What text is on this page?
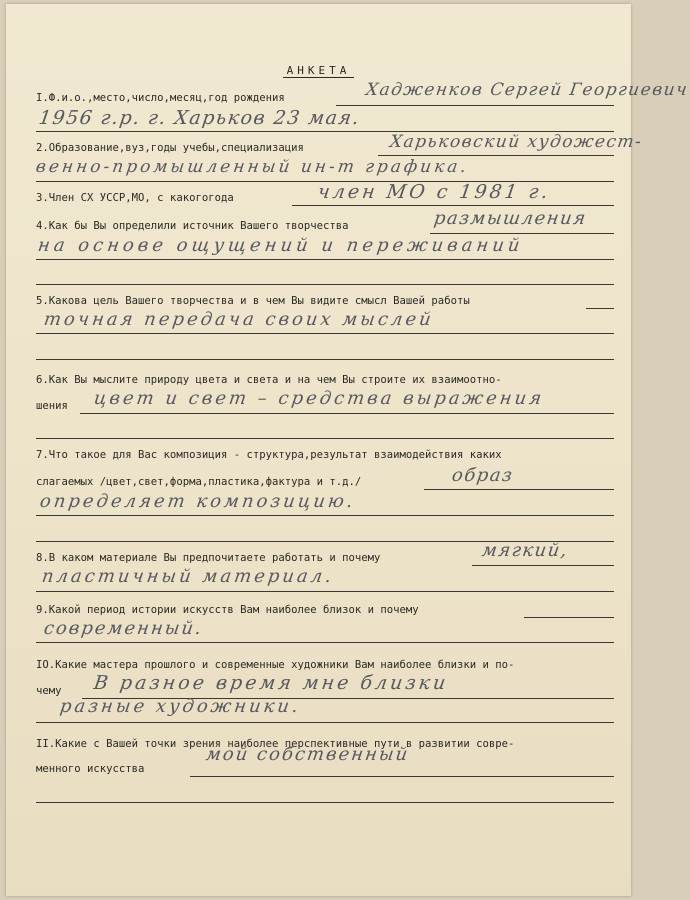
АНКЕТА
I.Ф.и.о.,место,число,месяц,год рождения	Хадженков Сергей Георгиевич
1956 г.р. г. Харьков 23 мая.
2.Образование,вуз,годы учебы,специализация	Харьковский художест-
венно-промышленный ин-т графика.
3.Член СХ УССР,МО, с какогогода	член МО с 1981 г.
4.Как бы Вы определили источник Вашего творчества	размышления
на основе ощущений и переживаний
5.Какова цель Вашего творчества и в чем Вы видите смысл Вашей работы
точная передача своих мыслей
6.Как Вы мыслите природу цвета и света и на чем Вы строите их взаимоотно-
шения цвет и свет – средства выражения
7.Что такое для Вас композиция - структура,результат взаимодействия каких
слагаемых /цвет,свет,форма,пластика,фактура и т.д./	образ
определяет композицию.
8.В каком материале Вы предпочитаете работать и почему	мягкий,
пластичный материал.
9.Какой период истории искусств Вам наиболее близок и почему
современный.
IO.Какие мастера прошлого и современные художники Вам наиболее близки и по-
чему В разное время мне близки
разные художники.
II.Какие с Вашей точки зрения наиболее перспективные пути в развитии совре-
менного искусства
мой собственный
